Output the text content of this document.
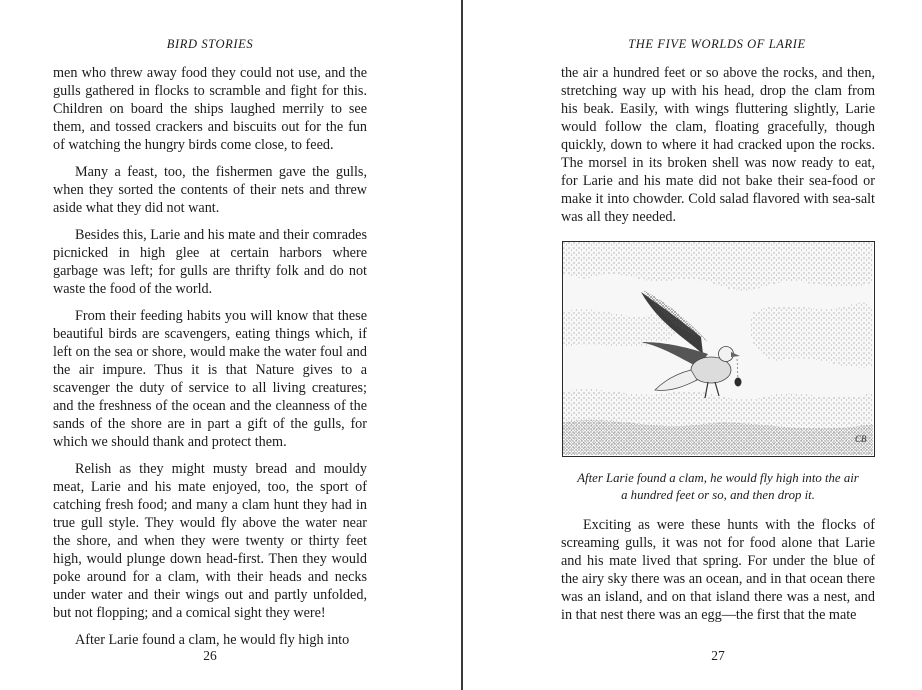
BIRD STORIES

men who threw away food they could not use, and the gulls gathered in flocks to scramble and fight for this. Children on board the ships laughed merrily to see them, and tossed crackers and biscuits out for the fun of watching the hungry birds come close, to feed.

Many a feast, too, the fishermen gave the gulls, when they sorted the contents of their nets and threw aside what they did not want.

Besides this, Larie and his mate and their comrades picnicked in high glee at certain harbors where garbage was left; for gulls are thrifty folk and do not waste the food of the world.

From their feeding habits you will know that these beautiful birds are scavengers, eating things which, if left on the sea or shore, would make the water foul and the air impure. Thus it is that Nature gives to a scavenger the duty of service to all living creatures; and the freshness of the ocean and the cleanness of the sands of the shore are in part a gift of the gulls, for which we should thank and protect them.

Relish as they might musty bread and mouldy meat, Larie and his mate enjoyed, too, the sport of catching fresh food; and many a clam hunt they had in true gull style. They would fly above the water near the shore, and when they were twenty or thirty feet high, would plunge down head-first. Then they would poke around for a clam, with their heads and necks under water and their wings out and partly unfolded, but not flopping; and a comical sight they were!

After Larie found a clam, he would fly high into

26
THE FIVE WORLDS OF LARIE

the air a hundred feet or so above the rocks, and then, stretching way up with his head, drop the clam from his beak. Easily, with wings fluttering slightly, Larie would follow the clam, floating gracefully, though quickly, down to where it had cracked upon the rocks. The morsel in its broken shell was now ready to eat, for Larie and his mate did not bake their sea-food or make it into chowder. Cold salad flavored with sea-salt was all they needed.

CB
After Larie found a clam, he would fly high into the air
a hundred feet or so, and then drop it.

Exciting as were these hunts with the flocks of screaming gulls, it was not for food alone that Larie and his mate lived that spring. For under the blue of the airy sky there was an ocean, and in that ocean there was an island, and on that island there was a nest, and in that nest there was an egg—the first that the mate

27
